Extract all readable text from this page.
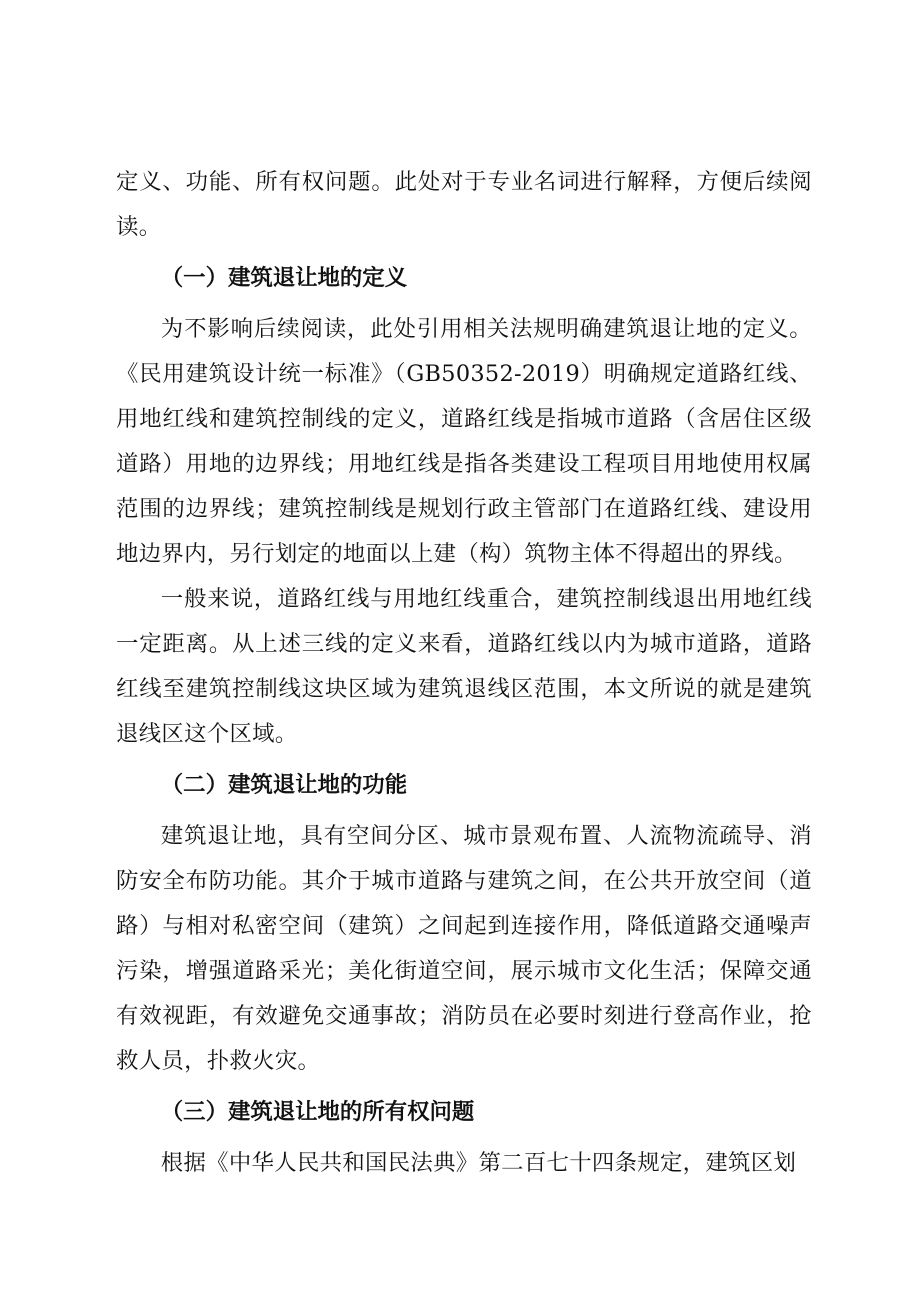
定义、功能、所有权问题。此处对于专业名词进行解释，方便后续阅读。

（一）建筑退让地的定义

为不影响后续阅读，此处引用相关法规明确建筑退让地的定义。《民用建筑设计统一标准》（GB50352-2019）明确规定道路红线、用地红线和建筑控制线的定义，道路红线是指城市道路（含居住区级道路）用地的边界线；用地红线是指各类建设工程项目用地使用权属范围的边界线；建筑控制线是规划行政主管部门在道路红线、建设用地边界内，另行划定的地面以上建（构）筑物主体不得超出的界线。

一般来说，道路红线与用地红线重合，建筑控制线退出用地红线一定距离。从上述三线的定义来看，道路红线以内为城市道路，道路红线至建筑控制线这块区域为建筑退线区范围，本文所说的就是建筑退线区这个区域。

（二）建筑退让地的功能

建筑退让地，具有空间分区、城市景观布置、人流物流疏导、消防安全布防功能。其介于城市道路与建筑之间，在公共开放空间（道路）与相对私密空间（建筑）之间起到连接作用，降低道路交通噪声污染，增强道路采光；美化街道空间，展示城市文化生活；保障交通有效视距，有效避免交通事故；消防员在必要时刻进行登高作业，抢救人员，扑救火灾。

（三）建筑退让地的所有权问题

根据《中华人民共和国民法典》第二百七十四条规定，建筑区划
